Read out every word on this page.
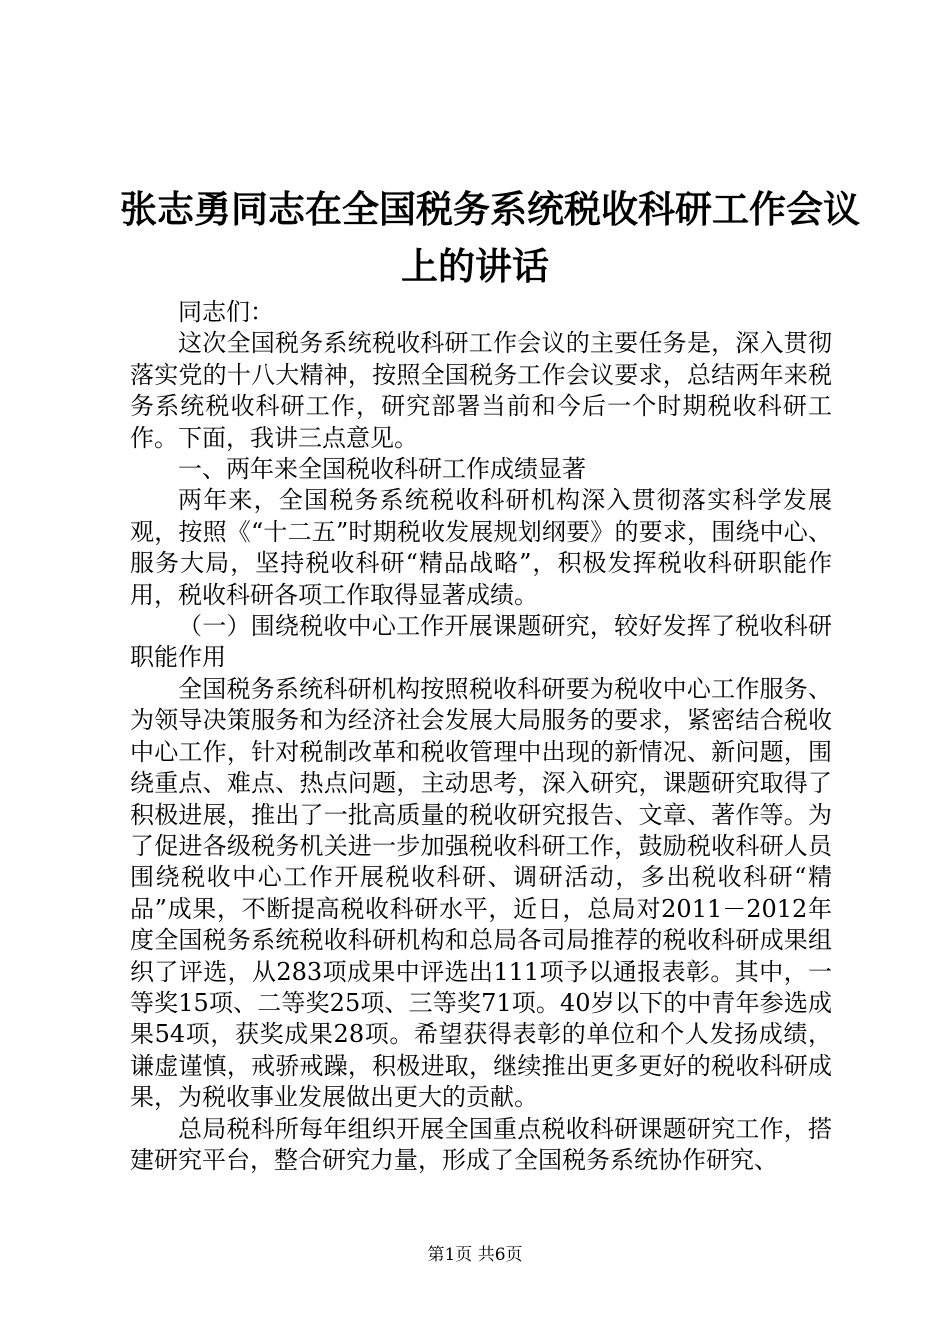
张志勇同志在全国税务系统税收科研工作会议
上的讲话

同志们：

这次全国税务系统税收科研工作会议的主要任务是，深入贯彻落实党的十八大精神，按照全国税务工作会议要求，总结两年来税务系统税收科研工作，研究部署当前和今后一个时期税收科研工作。下面，我讲三点意见。

一、两年来全国税收科研工作成绩显著

两年来，全国税务系统税收科研机构深入贯彻落实科学发展观，按照《“十二五”时期税收发展规划纲要》的要求，围绕中心、服务大局，坚持税收科研“精品战略”，积极发挥税收科研职能作用，税收科研各项工作取得显著成绩。

（一）围绕税收中心工作开展课题研究，较好发挥了税收科研职能作用

全国税务系统科研机构按照税收科研要为税收中心工作服务、为领导决策服务和为经济社会发展大局服务的要求，紧密结合税收中心工作，针对税制改革和税收管理中出现的新情况、新问题，围绕重点、难点、热点问题，主动思考，深入研究，课题研究取得了积极进展，推出了一批高质量的税收研究报告、文章、著作等。为了促进各级税务机关进一步加强税收科研工作，鼓励税收科研人员围绕税收中心工作开展税收科研、调研活动，多出税收科研“精品”成果，不断提高税收科研水平，近日，总局对2011－2012年度全国税务系统税收科研机构和总局各司局推荐的税收科研成果组织了评选，从283项成果中评选出111项予以通报表彰。其中，一等奖15项、二等奖25项、三等奖71项。40岁以下的中青年参选成果54项，获奖成果28项。希望获得表彰的单位和个人发扬成绩，谦虚谨慎，戒骄戒躁，积极进取，继续推出更多更好的税收科研成果，为税收事业发展做出更大的贡献。

总局税科所每年组织开展全国重点税收科研课题研究工作，搭建研究平台，整合研究力量，形成了全国税务系统协作研究、

第1页 共6页
